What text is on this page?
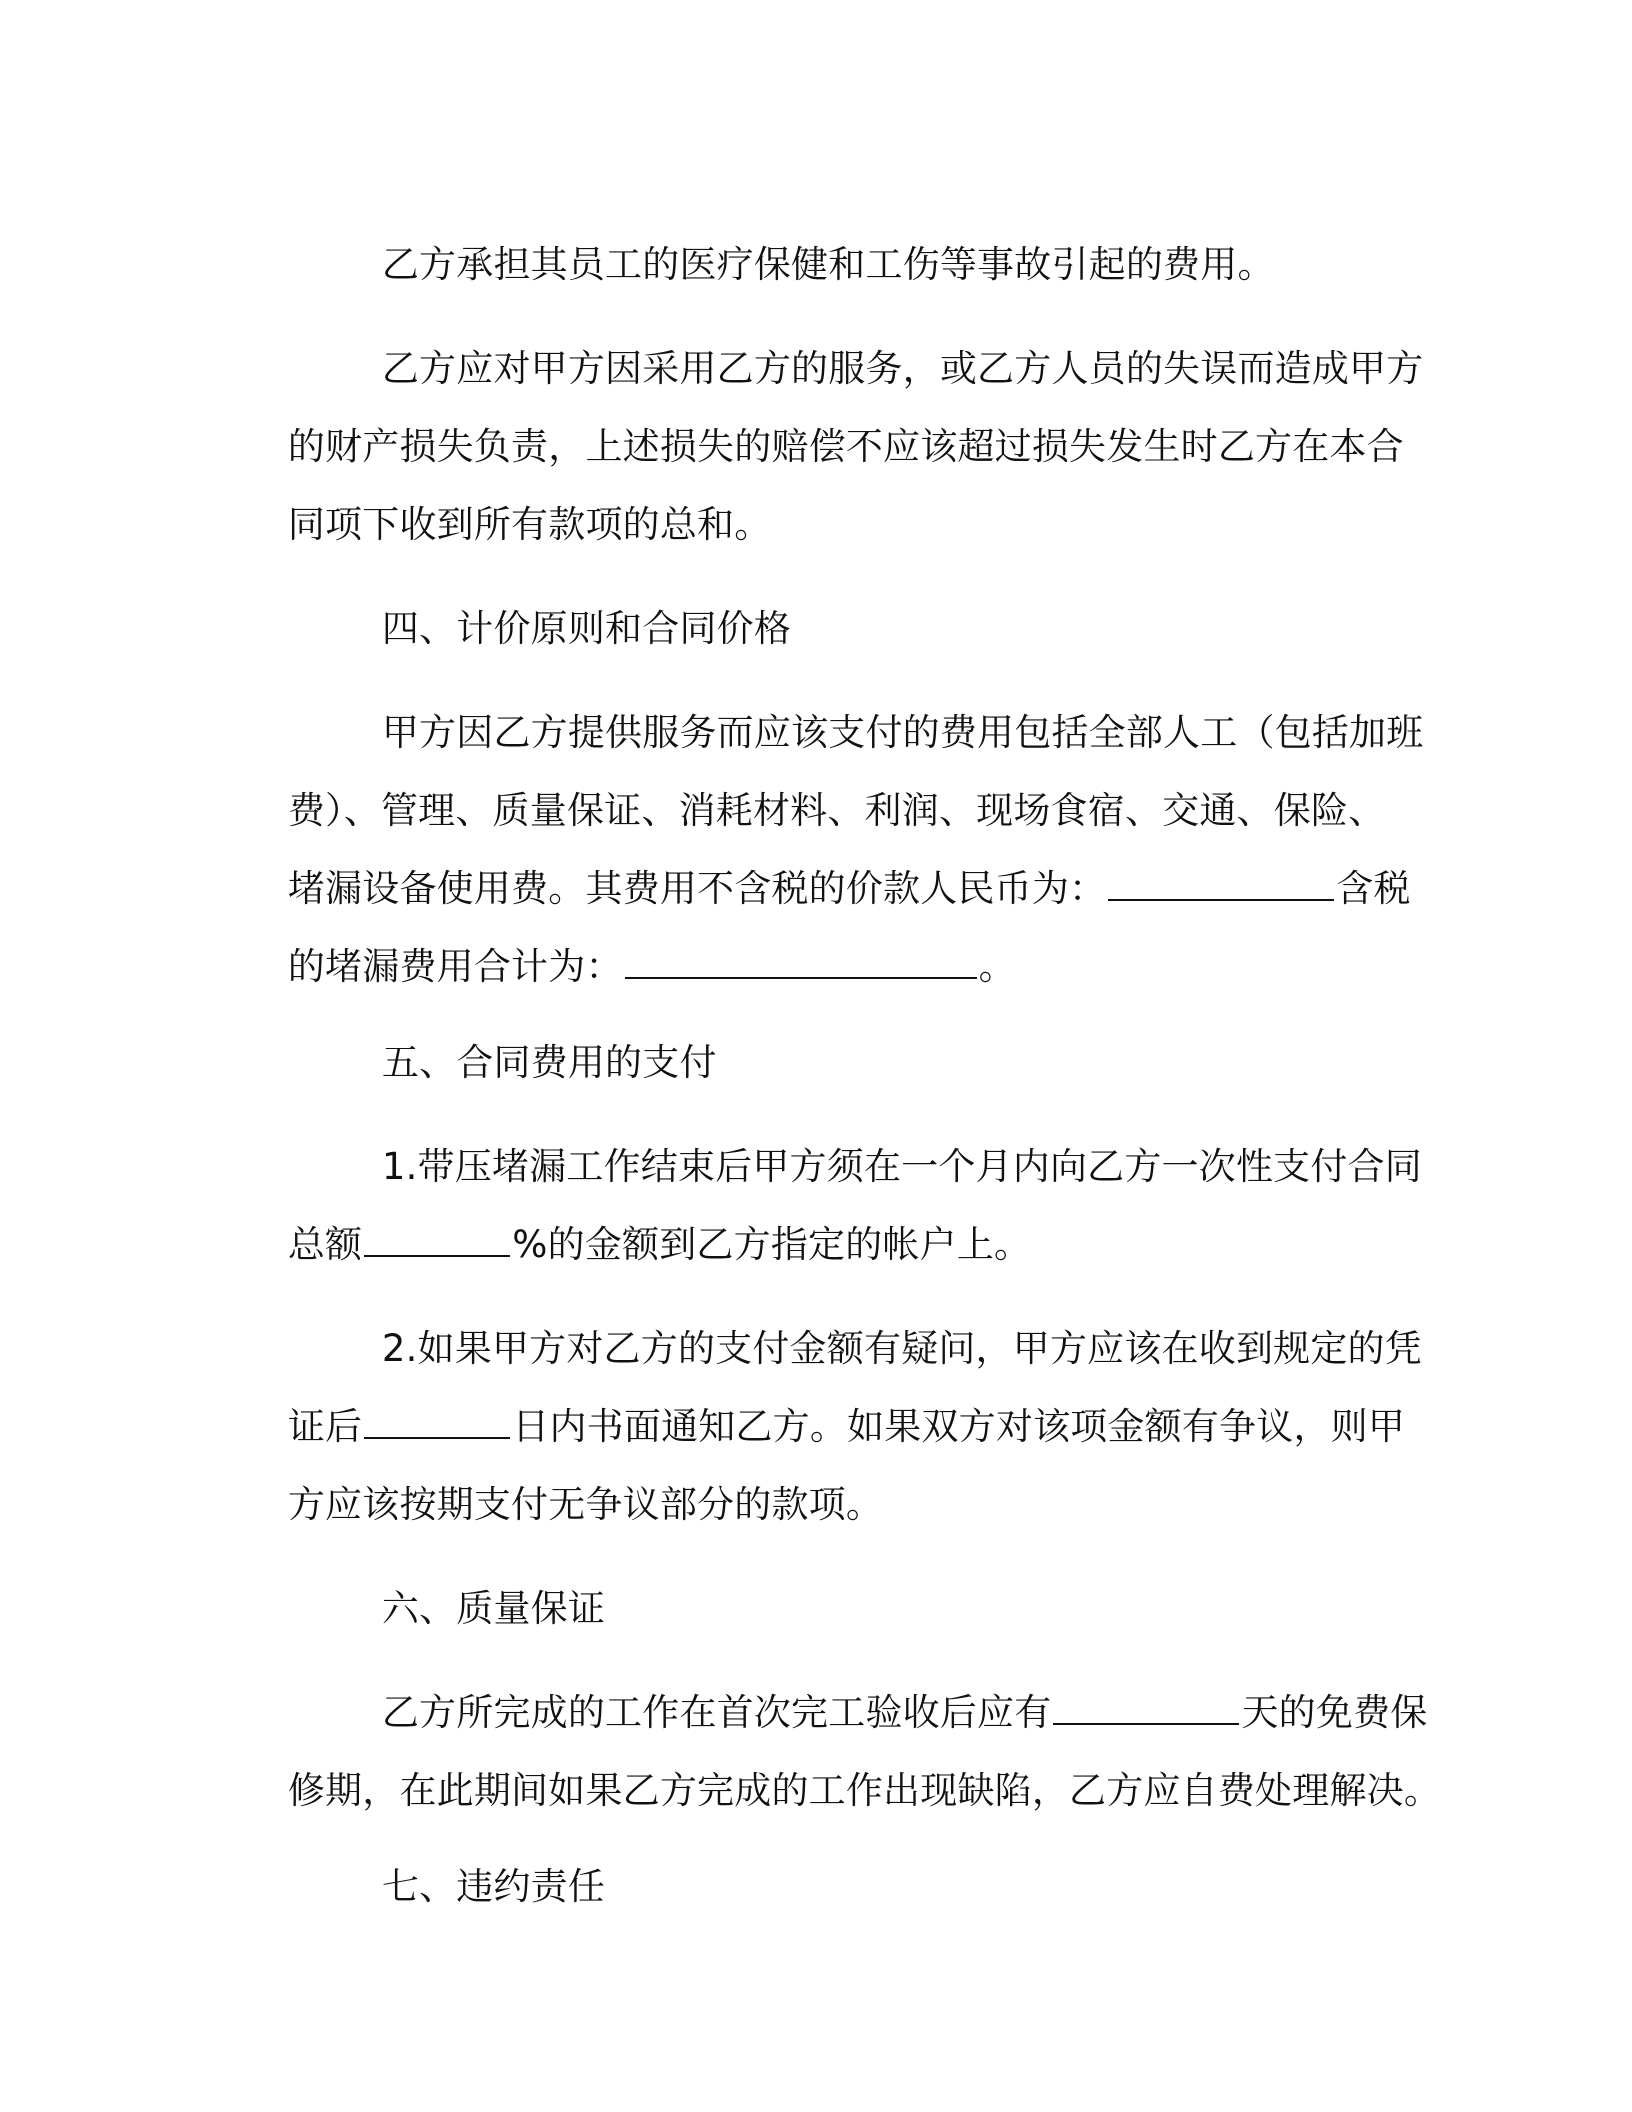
乙方承担其员工的医疗保健和工伤等事故引起的费用。

乙方应对甲方因采用乙方的服务，或乙方人员的失误而造成甲方

的财产损失负责，上述损失的赔偿不应该超过损失发生时乙方在本合

同项下收到所有款项的总和。

四、计价原则和合同价格

甲方因乙方提供服务而应该支付的费用包括全部人工（包括加班

费）、管理、质量保证、消耗材料、利润、现场食宿、交通、保险、

堵漏设备使用费。其费用不含税的价款人民币为：	含税

的堵漏费用合计为：	。

五、合同费用的支付

1.带压堵漏工作结束后甲方须在一个月内向乙方一次性支付合同

总额	%的金额到乙方指定的帐户上。

2.如果甲方对乙方的支付金额有疑问，甲方应该在收到规定的凭

证后	日内书面通知乙方。如果双方对该项金额有争议，则甲

方应该按期支付无争议部分的款项。

六、质量保证

乙方所完成的工作在首次完工验收后应有	天的免费保

修期，在此期间如果乙方完成的工作出现缺陷，乙方应自费处理解决。

七、违约责任
